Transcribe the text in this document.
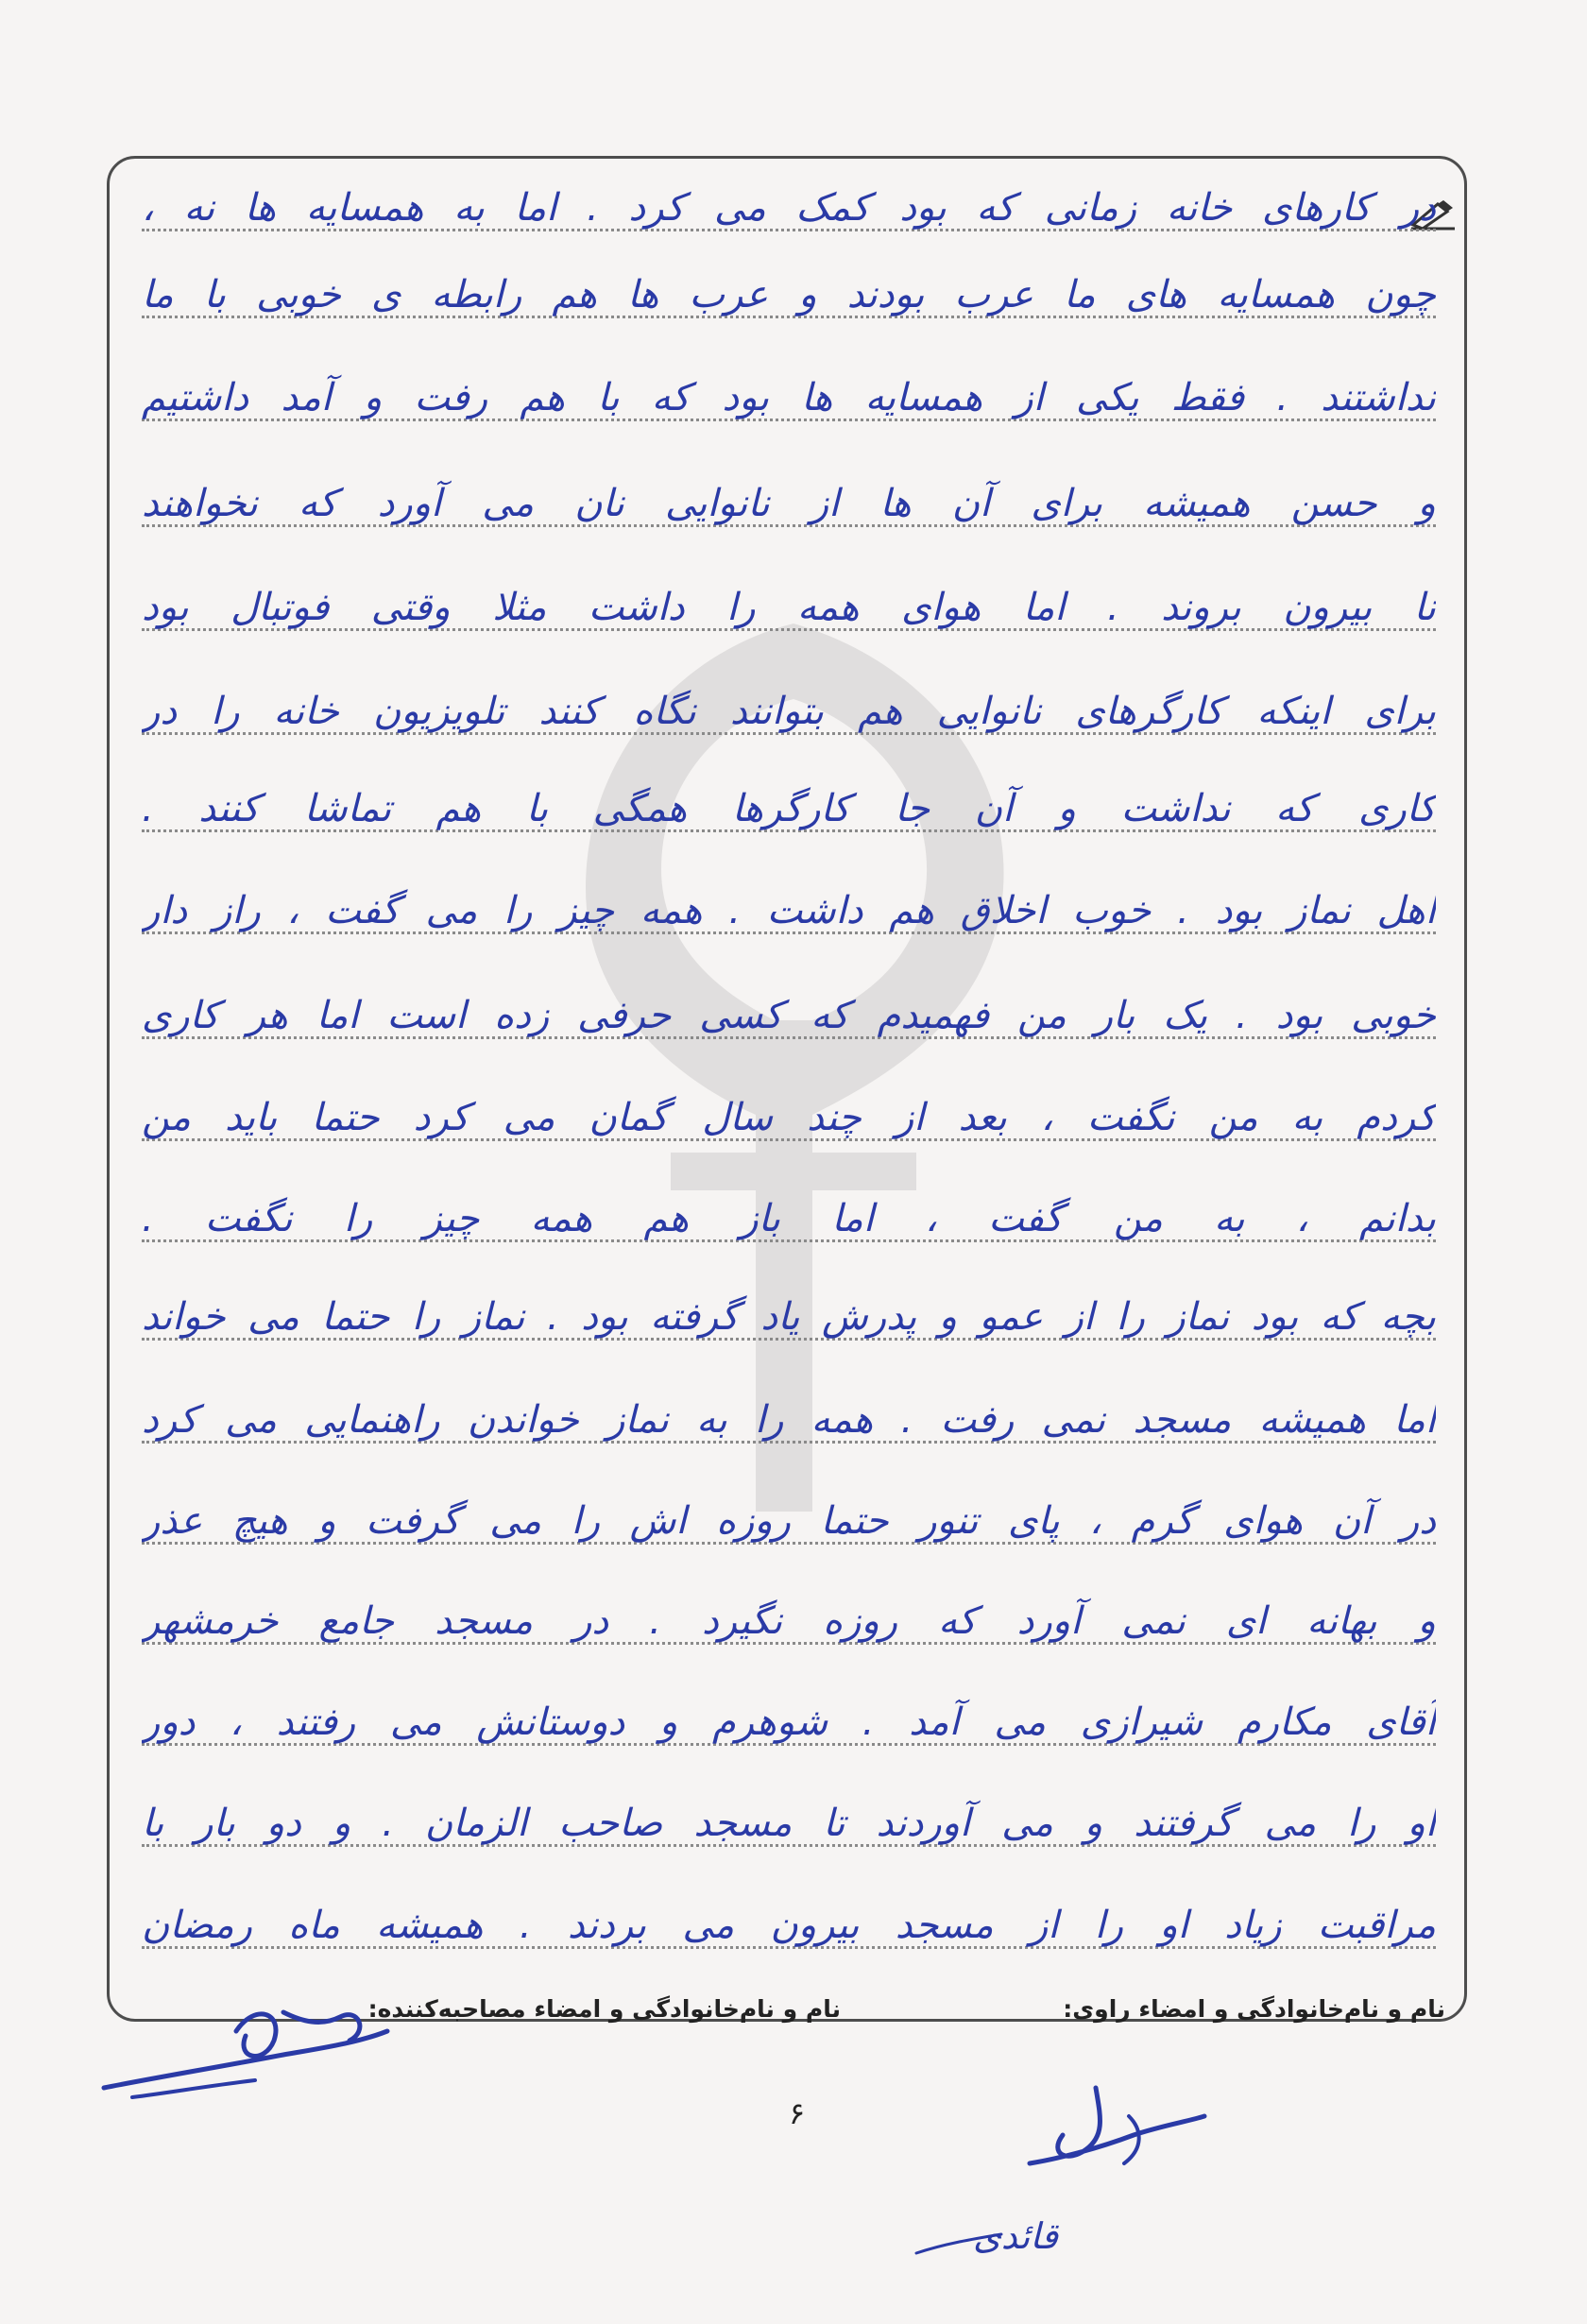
در کارهای خانه زمانی که بود کمک می کرد . اما به همسایه ها نه ،
چون همسایه های ما عرب بودند و عرب ها هم رابطه ی خوبی با ما
نداشتند . فقط یکی از همسایه ها بود که با هم رفت و آمد داشتیم
و حسن همیشه برای آن ها از نانوایی نان می آورد که نخواهند
نا بیرون بروند . اما هوای همه را داشت مثلا وقتی فوتبال بود
برای اینکه کارگرهای نانوایی هم بتوانند نگاه کنند تلویزیون خانه را در
کاری که نداشت و آن جا کارگرها همگی با هم تماشا کنند .
اهل نماز بود . خوب اخلاق هم داشت . همه چیز را می گفت ، راز دار
خوبی بود . یک بار من فهمیدم که کسی حرفی زده است اما هر کاری
کردم به من نگفت ، بعد از چند سال گمان می کرد حتما باید من
بدانم ، به من گفت ، اما باز هم همه چیز را نگفت .
بچه که بود نماز را از عمو و پدرش یاد گرفته بود . نماز را حتما می خواند
اما همیشه مسجد نمی رفت . همه را به نماز خواندن راهنمایی می کرد
در آن هوای گرم ، پای تنور حتما روزه اش را می گرفت و هیچ عذر
و بهانه ای نمی آورد که روزه نگیرد . در مسجد جامع خرمشهر
آقای مکارم شیرازی می آمد . شوهرم و دوستانش می رفتند ، دور
او را می گرفتند و می آوردند تا مسجد صاحب الزمان . و دو بار با
مراقبت زیاد او را از مسجد بیرون می بردند . همیشه ماه رمضان
نام و نام‌خانوادگی و امضاء راوی:
نام و نام‌خانوادگی و امضاء مصاحبه‌کننده:
۶
قائدی
